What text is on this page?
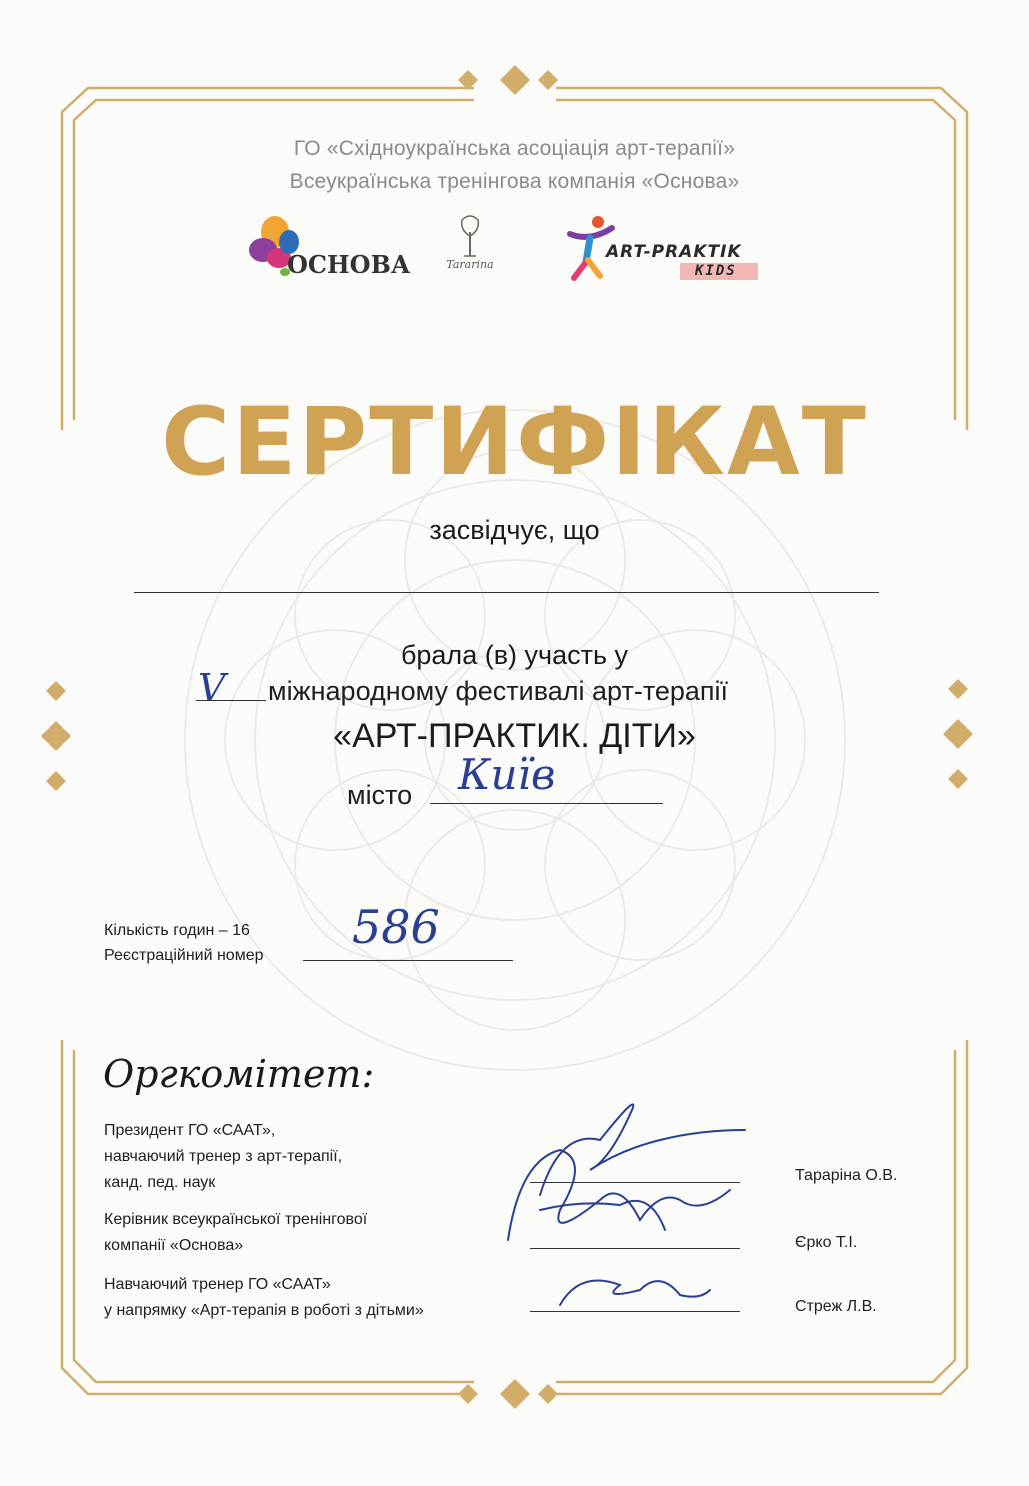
ГО «Східноукраїнська асоціація арт-терапії»
Всеукраїнська тренінгова компанія «Основа»
ОСНОВА	Tararina
ART-PRAKTIK
KIDS
СЕРТИФІКАТ
засвідчує, що
брала (в) участь у
V міжнародному фестивалі арт-терапії
«АРТ-ПРАКТИК. ДІТИ»
місто Київ
Кількість годин – 16
Реєстраційний номер
586
Оргкомітет:
Президент ГО «СААТ»,
навчаючий тренер з арт-терапії,
канд. пед. наук
Керівник всеукраїнської тренінгової
компанії «Основа»
Навчаючий тренер ГО «СААТ»
у напрямку «Арт-терапія в роботі з дітьми»
Тараріна О.В.
Єрко Т.І.
Стреж Л.В.
